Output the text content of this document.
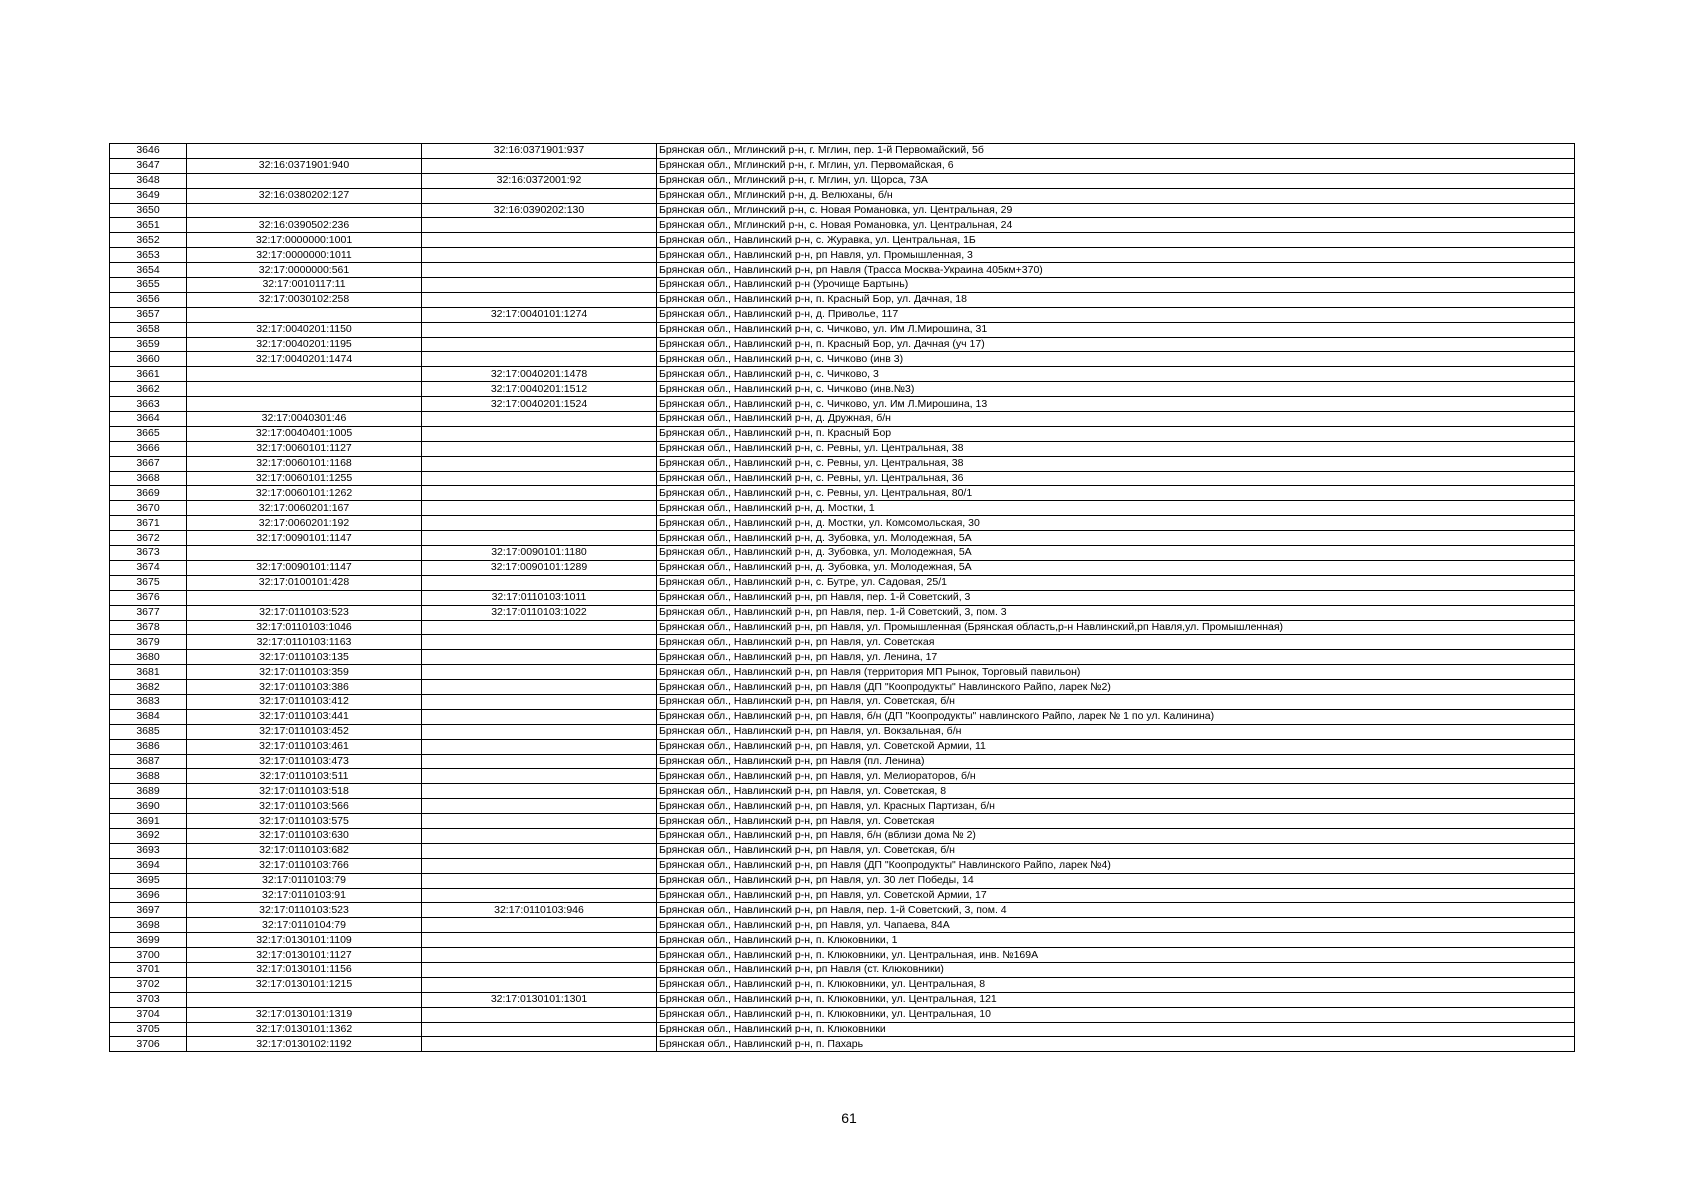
3646		32:16:0371901:937	Брянская обл., Мглинский р-н, г. Мглин, пер. 1-й Первомайский, 5б
3647	32:16:0371901:940		Брянская обл., Мглинский р-н, г. Мглин, ул. Первомайская, 6
3648		32:16:0372001:92	Брянская обл., Мглинский р-н, г. Мглин, ул. Щорса, 73А
3649	32:16:0380202:127		Брянская обл., Мглинский р-н, д. Велюханы, б/н
3650		32:16:0390202:130	Брянская обл., Мглинский р-н, с. Новая Романовка, ул. Центральная, 29
3651	32:16:0390502:236		Брянская обл., Мглинский р-н, с. Новая Романовка, ул. Центральная, 24
3652	32:17:0000000:1001		Брянская обл., Навлинский р-н, с. Журавка, ул. Центральная, 1Б
3653	32:17:0000000:1011		Брянская обл., Навлинский р-н, рп Навля, ул. Промышленная, 3
3654	32:17:0000000:561		Брянская обл., Навлинский р-н, рп Навля (Трасса Москва-Украина 405км+370)
3655	32:17:0010117:11		Брянская обл., Навлинский р-н (Урочище Бартынь)
3656	32:17:0030102:258		Брянская обл., Навлинский р-н, п. Красный Бор, ул. Дачная, 18
3657		32:17:0040101:1274	Брянская обл., Навлинский р-н, д. Приволье, 117
3658	32:17:0040201:1150		Брянская обл., Навлинский р-н, с. Чичково, ул. Им Л.Мирошина, 31
3659	32:17:0040201:1195		Брянская обл., Навлинский р-н, п. Красный Бор, ул. Дачная (уч 17)
3660	32:17:0040201:1474		Брянская обл., Навлинский р-н, с. Чичково (инв 3)
3661		32:17:0040201:1478	Брянская обл., Навлинский р-н, с. Чичково, 3
3662		32:17:0040201:1512	Брянская обл., Навлинский р-н, с. Чичково (инв.№3)
3663		32:17:0040201:1524	Брянская обл., Навлинский р-н, с. Чичково, ул. Им Л.Мирошина, 13
3664	32:17:0040301:46		Брянская обл., Навлинский р-н, д. Дружная, б/н
3665	32:17:0040401:1005		Брянская обл., Навлинский р-н, п. Красный Бор
3666	32:17:0060101:1127		Брянская обл., Навлинский р-н, с. Ревны, ул. Центральная, 38
3667	32:17:0060101:1168		Брянская обл., Навлинский р-н, с. Ревны, ул. Центральная, 38
3668	32:17:0060101:1255		Брянская обл., Навлинский р-н, с. Ревны, ул. Центральная, 36
3669	32:17:0060101:1262		Брянская обл., Навлинский р-н, с. Ревны, ул. Центральная, 80/1
3670	32:17:0060201:167		Брянская обл., Навлинский р-н, д. Мостки, 1
3671	32:17:0060201:192		Брянская обл., Навлинский р-н, д. Мостки, ул. Комсомольская, 30
3672	32:17:0090101:1147		Брянская обл., Навлинский р-н, д. Зубовка, ул. Молодежная, 5А
3673		32:17:0090101:1180	Брянская обл., Навлинский р-н, д. Зубовка, ул. Молодежная, 5А
3674	32:17:0090101:1147	32:17:0090101:1289	Брянская обл., Навлинский р-н, д. Зубовка, ул. Молодежная, 5А
3675	32:17:0100101:428		Брянская обл., Навлинский р-н, с. Бутре, ул. Садовая, 25/1
3676		32:17:0110103:1011	Брянская обл., Навлинский р-н, рп Навля, пер. 1-й Советский, 3
3677	32:17:0110103:523	32:17:0110103:1022	Брянская обл., Навлинский р-н, рп Навля, пер. 1-й Советский, 3, пом. 3
3678	32:17:0110103:1046		Брянская обл., Навлинский р-н, рп Навля, ул. Промышленная (Брянская область,р-н Навлинский,рп Навля,ул. Промышленная)
3679	32:17:0110103:1163		Брянская обл., Навлинский р-н, рп Навля, ул. Советская
3680	32:17:0110103:135		Брянская обл., Навлинский р-н, рп Навля, ул. Ленина, 17
3681	32:17:0110103:359		Брянская обл., Навлинский р-н, рп Навля (территория МП Рынок, Торговый павильон)
3682	32:17:0110103:386		Брянская обл., Навлинский р-н, рп Навля (ДП "Коопродукты" Навлинского Райпо, ларек №2)
3683	32:17:0110103:412		Брянская обл., Навлинский р-н, рп Навля, ул. Советская, б/н
3684	32:17:0110103:441		Брянская обл., Навлинский р-н, рп Навля, б/н (ДП "Коопродукты" навлинского Райпо, ларек № 1 по ул. Калинина)
3685	32:17:0110103:452		Брянская обл., Навлинский р-н, рп Навля, ул. Вокзальная, б/н
3686	32:17:0110103:461		Брянская обл., Навлинский р-н, рп Навля, ул. Советской Армии, 11
3687	32:17:0110103:473		Брянская обл., Навлинский р-н, рп Навля (пл. Ленина)
3688	32:17:0110103:511		Брянская обл., Навлинский р-н, рп Навля, ул. Мелиораторов, б/н
3689	32:17:0110103:518		Брянская обл., Навлинский р-н, рп Навля, ул. Советская, 8
3690	32:17:0110103:566		Брянская обл., Навлинский р-н, рп Навля, ул. Красных Партизан, б/н
3691	32:17:0110103:575		Брянская обл., Навлинский р-н, рп Навля, ул. Советская
3692	32:17:0110103:630		Брянская обл., Навлинский р-н, рп Навля, б/н (вблизи дома № 2)
3693	32:17:0110103:682		Брянская обл., Навлинский р-н, рп Навля, ул. Советская, б/н
3694	32:17:0110103:766		Брянская обл., Навлинский р-н, рп Навля (ДП "Коопродукты" Навлинского Райпо, ларек №4)
3695	32:17:0110103:79		Брянская обл., Навлинский р-н, рп Навля, ул. 30 лет Победы, 14
3696	32:17:0110103:91		Брянская обл., Навлинский р-н, рп Навля, ул. Советской Армии, 17
3697	32:17:0110103:523	32:17:0110103:946	Брянская обл., Навлинский р-н, рп Навля, пер. 1-й Советский, 3, пом. 4
3698	32:17:0110104:79		Брянская обл., Навлинский р-н, рп Навля, ул. Чапаева, 84А
3699	32:17:0130101:1109		Брянская обл., Навлинский р-н, п. Клюковники, 1
3700	32:17:0130101:1127		Брянская обл., Навлинский р-н, п. Клюковники, ул. Центральная, инв. №169А
3701	32:17:0130101:1156		Брянская обл., Навлинский р-н, рп Навля (ст. Клюковники)
3702	32:17:0130101:1215		Брянская обл., Навлинский р-н, п. Клюковники, ул. Центральная, 8
3703		32:17:0130101:1301	Брянская обл., Навлинский р-н, п. Клюковники, ул. Центральная, 121
3704	32:17:0130101:1319		Брянская обл., Навлинский р-н, п. Клюковники, ул. Центральная, 10
3705	32:17:0130101:1362		Брянская обл., Навлинский р-н, п. Клюковники
3706	32:17:0130102:1192		Брянская обл., Навлинский р-н, п. Пахарь
61
